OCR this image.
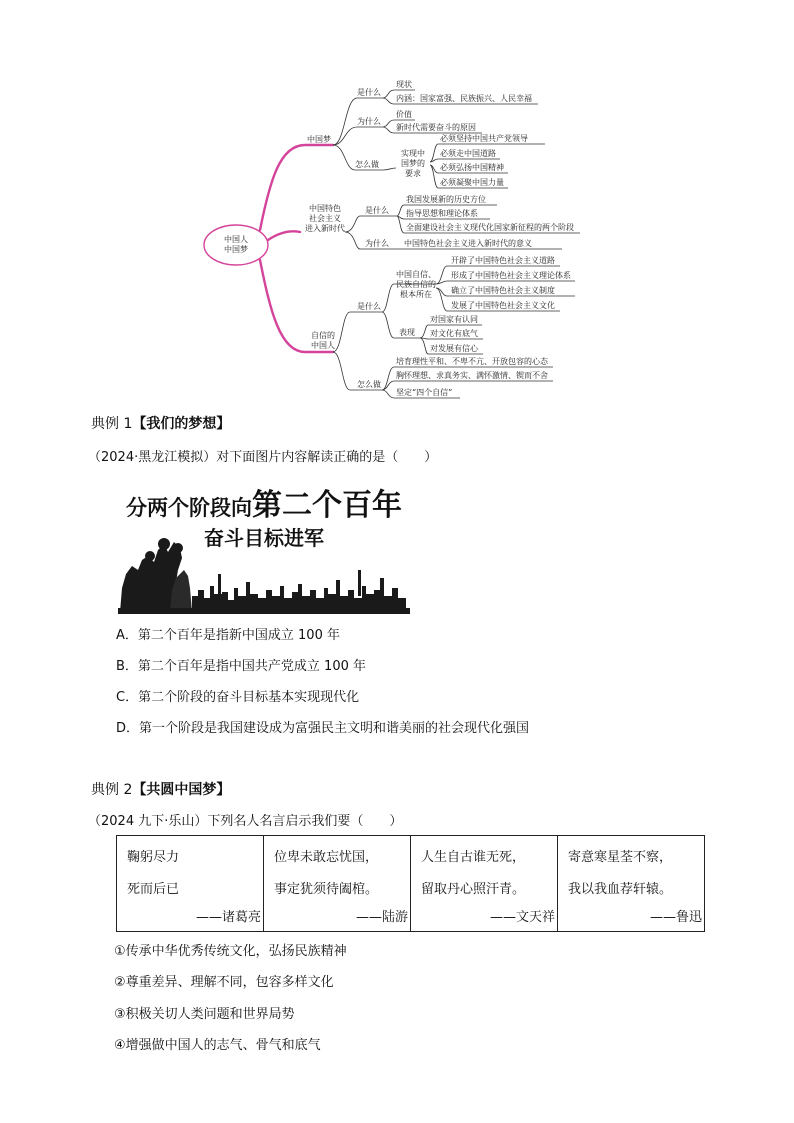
中国人
中国梦
中国梦
是什么
现状
内涵：国家富强、民族振兴、人民幸福
为什么
价值
新时代需要奋斗的原因
怎么做
实现中
国梦的
要求
必须坚持中国共产党领导
必须走中国道路
必须弘扬中国精神
必须凝聚中国力量
中国特色
社会主义
进入新时代
是什么
我国发展新的历史方位
指导思想和理论体系
全面建设社会主义现代化国家新征程的两个阶段
为什么 中国特色社会主义进入新时代的意义
自信的
中国人
是什么
中国自信、
民族自信的
根本所在
开辟了中国特色社会主义道路
形成了中国特色社会主义理论体系
确立了中国特色社会主义制度
发展了中国特色社会主义文化
表现
对国家有认同
对文化有底气
对发展有信心
怎么做
培育理性平和、不卑不亢、开放包容的心态
胸怀理想、求真务实、满怀激情、锲而不舍
坚定“四个自信”
典例 1【我们的梦想】
（2024·黑龙江模拟）对下面图片内容解读正确的是（　　）
分两个阶段向第二个百年
奋斗目标进军
A．第二个百年是指新中国成立 100 年
B．第二个百年是指中国共产党成立 100 年
C．第二个阶段的奋斗目标基本实现现代化
D．第一个阶段是我国建设成为富强民主文明和谐美丽的社会现代化强国
典例 2【共圆中国梦】
（2024 九下·乐山）下列名人名言启示我们要（　　）
鞠躬尽力
死而后已
——诸葛亮

位卑未敢忘忧国，
事定犹须待阖棺。
——陆游

人生自古谁无死，
留取丹心照汗青。
——文天祥

寄意寒星荃不察，
我以我血荐轩辕。
——鲁迅
①传承中华优秀传统文化，弘扬民族精神
②尊重差异、理解不同，包容多样文化
③积极关切人类问题和世界局势
④增强做中国人的志气、骨气和底气
